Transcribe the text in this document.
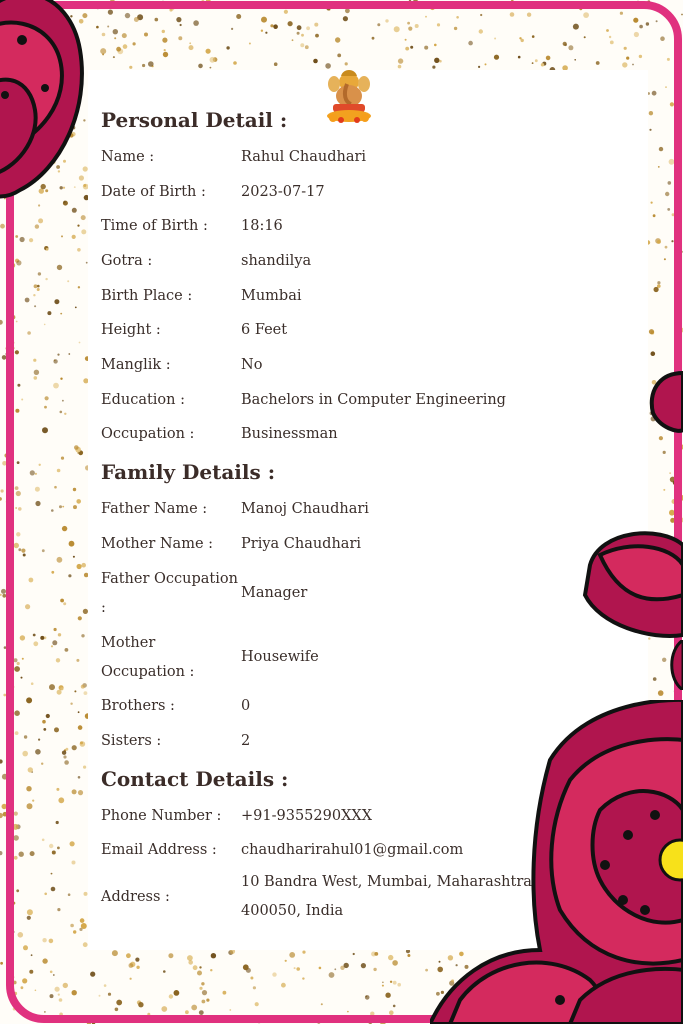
Personal Detail :
Name :	Rahul Chaudhari
Date of Birth :	2023-07-17
Time of Birth :	18:16
Gotra :	shandilya
Birth Place :	Mumbai
Height :	6 Feet
Manglik :	No
Education :	Bachelors in Computer Engineering
Occupation :	Businessman
Family Details :
Father Name :	Manoj Chaudhari
Mother Name :	Priya Chaudhari
Father Occupation :
Manager
Mother Occupation :
Housewife
Brothers :	0
Sisters :	2
Contact Details :
Phone Number :	+91-9355290XXX
Email Address :	chaudharirahul01@gmail.com
Address :
10 Bandra West, Mumbai, Maharashtra 400050, India
